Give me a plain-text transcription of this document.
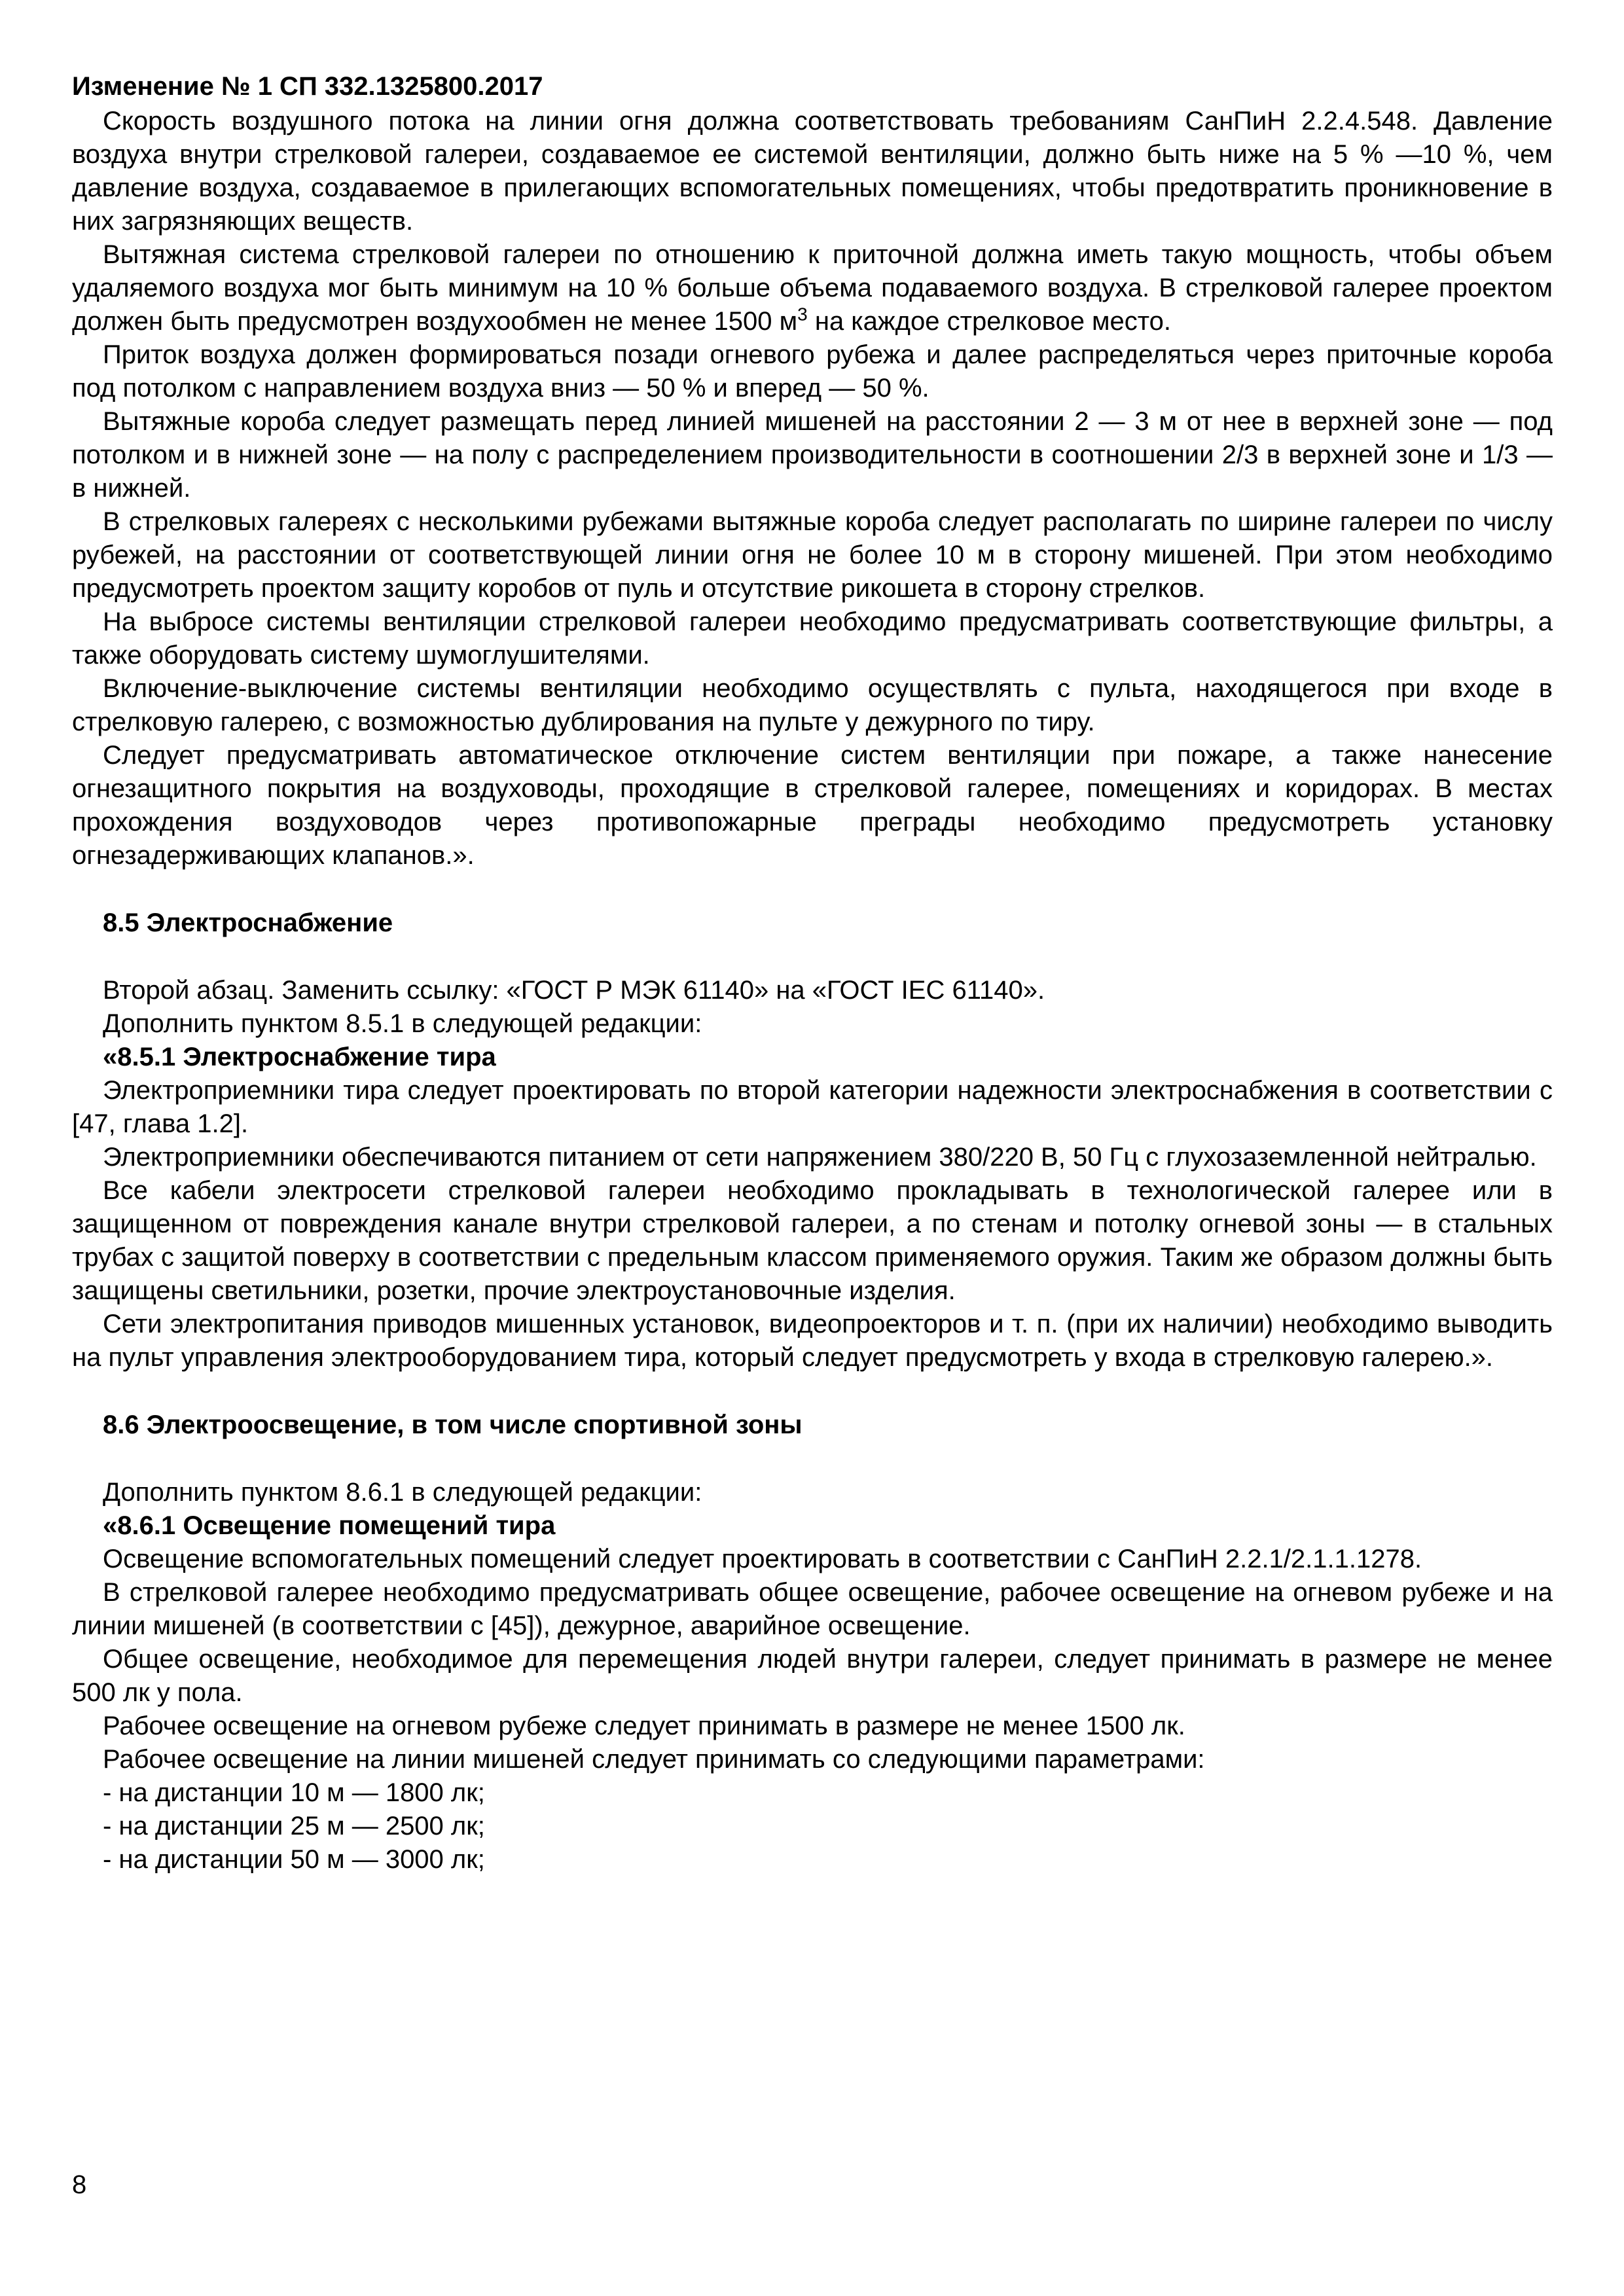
Изменение № 1 СП 332.1325800.2017

Скорость воздушного потока на линии огня должна соответствовать требованиям СанПиН 2.2.4.548. Давление воздуха внутри стрелковой галереи, создаваемое ее системой вентиляции, должно быть ниже на 5 % —10 %, чем давление воздуха, создаваемое в прилегающих вспомогательных помещениях, чтобы предотвратить проникновение в них загрязняющих веществ.

Вытяжная система стрелковой галереи по отношению к приточной должна иметь такую мощность, чтобы объем удаляемого воздуха мог быть минимум на 10 % больше объема подаваемого воздуха. В стрелковой галерее проектом должен быть предусмотрен воздухообмен не менее 1500 $м^3$ на каждое стрелковое место.

Приток воздуха должен формироваться позади огневого рубежа и далее распределяться через приточные короба под потолком с направлением воздуха вниз — 50 % и вперед — 50 %.

Вытяжные короба следует размещать перед линией мишеней на расстоянии 2 — 3 м от нее в верхней зоне — под потолком и в нижней зоне — на полу с распределением производительности в соотношении 2/3 в верхней зоне и 1/3 — в нижней.

В стрелковых галереях с несколькими рубежами вытяжные короба следует располагать по ширине галереи по числу рубежей, на расстоянии от соответствующей линии огня не более 10 м в сторону мишеней. При этом необходимо предусмотреть проектом защиту коробов от пуль и отсутствие рикошета в сторону стрелков.

На выбросе системы вентиляции стрелковой галереи необходимо предусматривать соответствующие фильтры, а также оборудовать систему шумоглушителями.

Включение-выключение системы вентиляции необходимо осуществлять с пульта, находящегося при входе в стрелковую галерею, с возможностью дублирования на пульте у дежурного по тиру.

Следует предусматривать автоматическое отключение систем вентиляции при пожаре, а также нанесение огнезащитного покрытия на воздуховоды, проходящие в стрелковой галерее, помещениях и коридорах. В местах прохождения воздуховодов через противопожарные преграды необходимо предусмотреть установку огнезадерживающих клапанов.».

8.5 Электроснабжение

Второй абзац. Заменить ссылку: «ГОСТ Р МЭК 61140» на «ГОСТ IEC 61140».

Дополнить пунктом 8.5.1 в следующей редакции:

«8.5.1 Электроснабжение тира

Электроприемники тира следует проектировать по второй категории надежности электроснабжения в соответствии с [47, глава 1.2].

Электроприемники обеспечиваются питанием от сети напряжением 380/220 В, 50 Гц с глухозаземленной нейтралью.

Все кабели электросети стрелковой галереи необходимо прокладывать в технологической галерее или в защищенном от повреждения канале внутри стрелковой галереи, а по стенам и потолку огневой зоны — в стальных трубах с защитой поверху в соответствии с предельным классом применяемого оружия. Таким же образом должны быть защищены светильники, розетки, прочие электроустановочные изделия.

Сети электропитания приводов мишенных установок, видеопроекторов и т. п. (при их наличии) необходимо выводить на пульт управления электрооборудованием тира, который следует предусмотреть у входа в стрелковую галерею.».

8.6 Электроосвещение, в том числе спортивной зоны

Дополнить пунктом 8.6.1 в следующей редакции:

«8.6.1 Освещение помещений тира

Освещение вспомогательных помещений следует проектировать в соответствии с СанПиН 2.2.1/2.1.1.1278.

В стрелковой галерее необходимо предусматривать общее освещение, рабочее освещение на огневом рубеже и на линии мишеней (в соответствии с [45]), дежурное, аварийное освещение.

Общее освещение, необходимое для перемещения людей внутри галереи, следует принимать в размере не менее 500 лк у пола.

Рабочее освещение на огневом рубеже следует принимать в размере не менее 1500 лк.

Рабочее освещение на линии мишеней следует принимать со следующими параметрами:

- на дистанции 10 м — 1800 лк;

- на дистанции 25 м — 2500 лк;

- на дистанции 50 м — 3000 лк;

8
